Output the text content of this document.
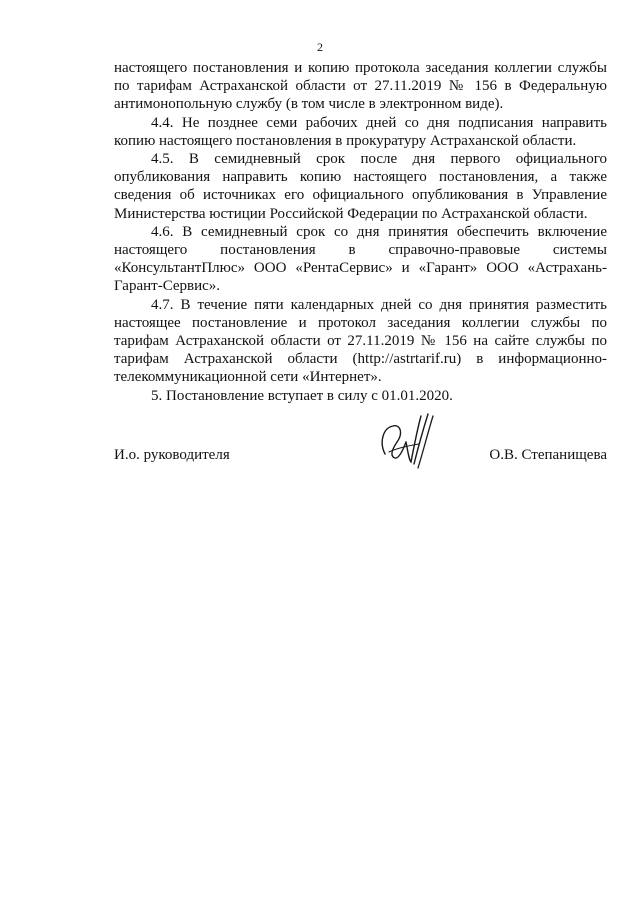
2

настоящего постановления и копию протокола заседания коллегии службы по тарифам Астраханской области от 27.11.2019 № 156 в Федеральную антимонопольную службу (в том числе в электронном виде).

4.4. Не позднее семи рабочих дней со дня подписания направить копию настоящего постановления в прокуратуру Астраханской области.

4.5. В семидневный срок после дня первого официального опубликования направить копию настоящего постановления, а также сведения об источниках его официального опубликования в Управление Министерства юстиции Российской Федерации по Астраханской области.

4.6. В семидневный срок со дня принятия обеспечить включение настоящего постановления в справочно-правовые системы «КонсультантПлюс» ООО «РентаСервис» и «Гарант» ООО «Астрахань-Гарант-Сервис».

4.7. В течение пяти календарных дней со дня принятия разместить настоящее постановление и протокол заседания коллегии службы по тарифам Астраханской области от 27.11.2019 № 156 на сайте службы по тарифам Астраханской области (http://astrtarif.ru) в информационно-телекоммуникационной сети «Интернет».

5. Постановление вступает в силу с 01.01.2020.

И.о. руководителя	О.В. Степанищева
